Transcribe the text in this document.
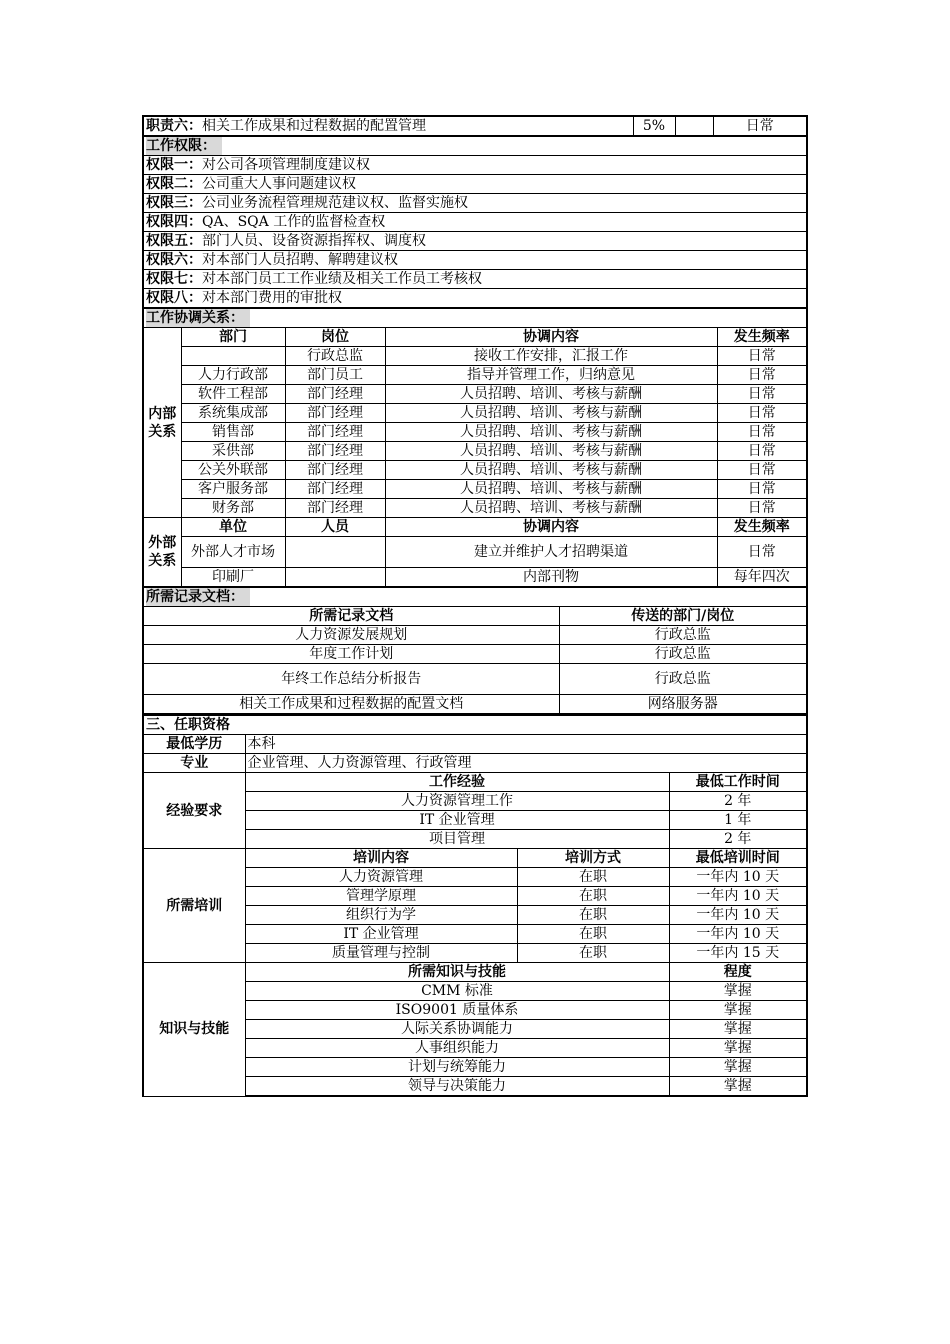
职责六：相关工作成果和过程数据的配置管理	5%		日常
工作权限：
权限一：对公司各项管理制度建议权
权限二：公司重大人事问题建议权
权限三：公司业务流程管理规范建议权、监督实施权
权限四：QA、SQA 工作的监督检查权
权限五：部门人员、设备资源指挥权、调度权
权限六：对本部门人员招聘、解聘建议权
权限七：对本部门员工工作业绩及相关工作员工考核权
权限八：对本部门费用的审批权
工作协调关系：				
内部关系	部门	岗位	协调内容	发生频率
		行政总监	接收工作安排，汇报工作	日常
	人力行政部	部门员工	指导并管理工作，归纳意见	日常
	软件工程部	部门经理	人员招聘、培训、考核与薪酬	日常
	系统集成部	部门经理	人员招聘、培训、考核与薪酬	日常
	销售部	部门经理	人员招聘、培训、考核与薪酬	日常
	采供部	部门经理	人员招聘、培训、考核与薪酬	日常
	公关外联部	部门经理	人员招聘、培训、考核与薪酬	日常
	客户服务部	部门经理	人员招聘、培训、考核与薪酬	日常
	财务部	部门经理	人员招聘、培训、考核与薪酬	日常
外部关系	单位	人员	协调内容	发生频率
	外部人才市场		建立并维护人才招聘渠道	日常
	印刷厂		内部刊物	每年四次
所需记录文档：	
所需记录文档	传送的部门/岗位
人力资源发展规划	行政总监
年度工作计划	行政总监
年终工作总结分析报告	行政总监
相关工作成果和过程数据的配置文档	网络服务器
三、任职资格			
最低学历	本科		
专业	企业管理、人力资源管理、行政管理		
经验要求	工作经验		最低工作时间
	人力资源管理工作		2 年
	IT 企业管理		1 年
	项目管理		2 年
所需培训	培训内容	培训方式	最低培训时间
	人力资源管理	在职	一年内 10 天
	管理学原理	在职	一年内 10 天
	组织行为学	在职	一年内 10 天
	IT 企业管理	在职	一年内 10 天
	质量管理与控制	在职	一年内 15 天
知识与技能	所需知识与技能		程度
	CMM 标准		掌握
	ISO9001 质量体系		掌握
	人际关系协调能力		掌握
	人事组织能力		掌握
	计划与统筹能力		掌握
	领导与决策能力		掌握
